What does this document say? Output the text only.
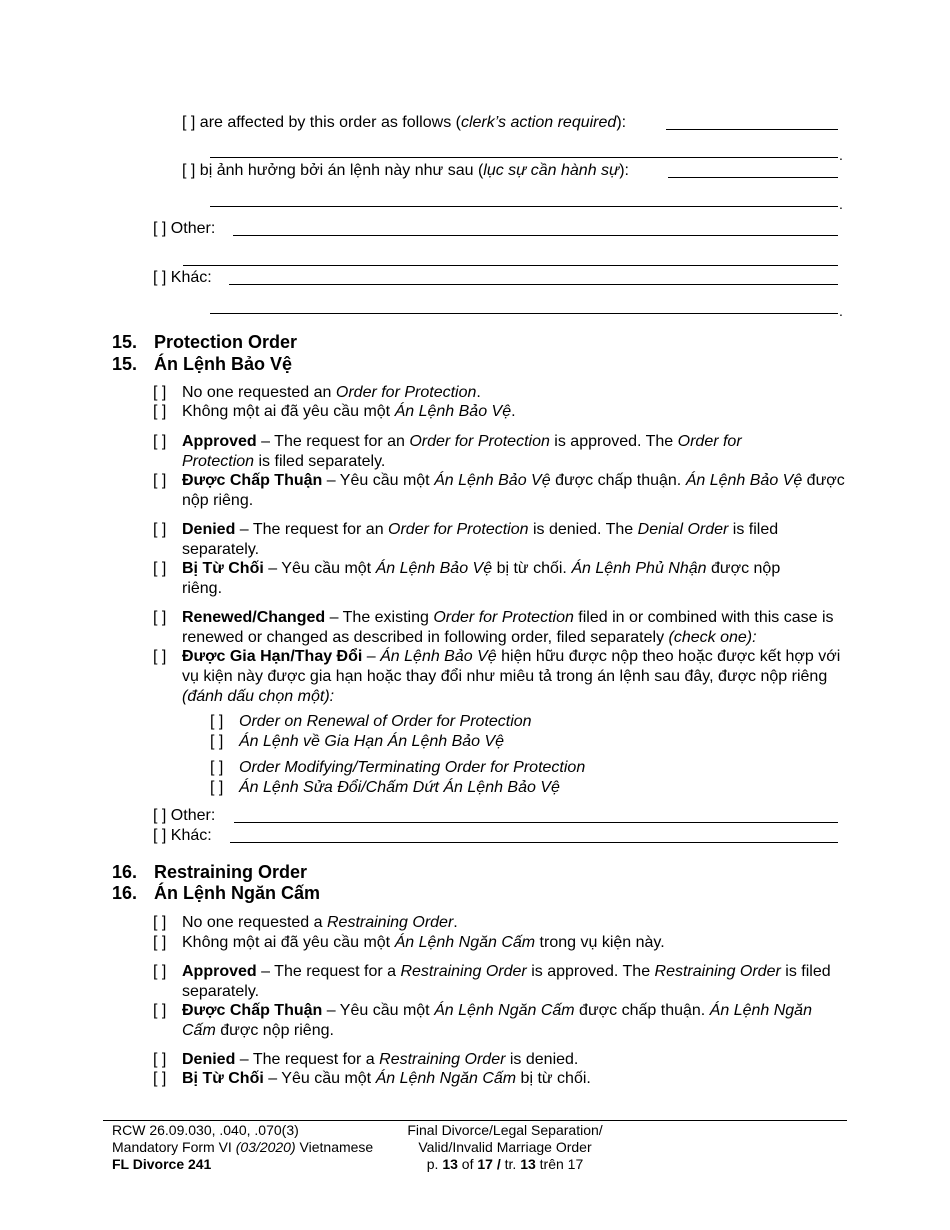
[ ] are affected by this order as follows (clerk’s action required):
.
[ ] bị ảnh hưởng bởi án lệnh này như sau (lục sự cần hành sự):
.
[ ] Other:
[ ] Khác:
.
15. Protection Order
15. Án Lệnh Bảo Vệ
[ ] No one requested an Order for Protection.
[ ] Không một ai đã yêu cầu một Án Lệnh Bảo Vệ.
[ ] Approved – The request for an Order for Protection is approved. The Order for Protection is filed separately.
[ ] Được Chấp Thuận – Yêu cầu một Án Lệnh Bảo Vệ được chấp thuận. Án Lệnh Bảo Vệ được nộp riêng.
[ ] Denied – The request for an Order for Protection is denied. The Denial Order is filed separately.
[ ] Bị Từ Chối – Yêu cầu một Án Lệnh Bảo Vệ bị từ chối. Án Lệnh Phủ Nhận được nộp riêng.
[ ] Renewed/Changed – The existing Order for Protection filed in or combined with this case is renewed or changed as described in following order, filed separately (check one):
[ ] Được Gia Hạn/Thay Đổi – Án Lệnh Bảo Vệ hiện hữu được nộp theo hoặc được kết hợp với vụ kiện này được gia hạn hoặc thay đổi như miêu tả trong án lệnh sau đây, được nộp riêng (đánh dấu chọn một):
[ ] Order on Renewal of Order for Protection
[ ] Án Lệnh về Gia Hạn Án Lệnh Bảo Vệ
[ ] Order Modifying/Terminating Order for Protection
[ ] Án Lệnh Sửa Đổi/Chấm Dứt Án Lệnh Bảo Vệ
[ ] Other:
[ ] Khác:
16. Restraining Order
16. Án Lệnh Ngăn Cấm
[ ] No one requested a Restraining Order.
[ ] Không một ai đã yêu cầu một Án Lệnh Ngăn Cấm trong vụ kiện này.
[ ] Approved – The request for a Restraining Order is approved. The Restraining Order is filed separately.
[ ] Được Chấp Thuận – Yêu cầu một Án Lệnh Ngăn Cấm được chấp thuận. Án Lệnh Ngăn Cấm được nộp riêng.
[ ] Denied – The request for a Restraining Order is denied.
[ ] Bị Từ Chối – Yêu cầu một Án Lệnh Ngăn Cấm bị từ chối.
RCW 26.09.030, .040, .070(3)
Mandatory Form VI (03/2020) Vietnamese
FL Divorce 241
Final Divorce/Legal Separation/
Valid/Invalid Marriage Order
p. 13 of 17 / tr. 13 trên 17
